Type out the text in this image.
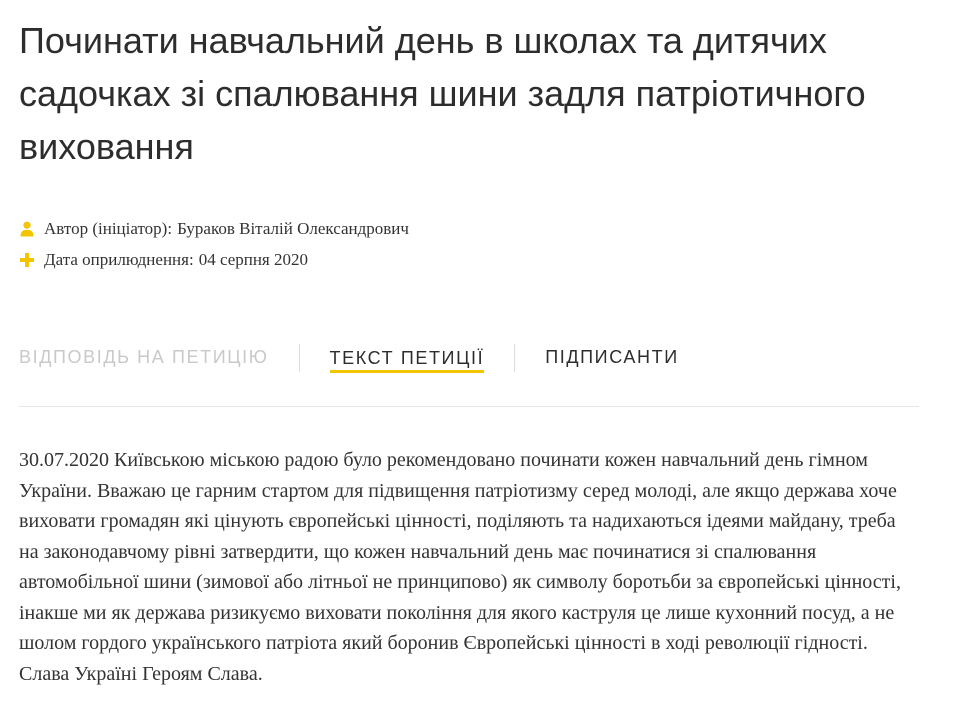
Починати навчальний день в школах та дитячих садочках зі спалювання шини задля патріотичного виховання
Автор (ініціатор): Бураков Віталій Олександрович
Дата оприлюднення: 04 серпня 2020
ВІДПОВІДЬ НА ПЕТИЦІЮ	ТЕКСТ ПЕТИЦІЇ	ПІДПИСАНТИ
30.07.2020 Київською міською радою було рекомендовано починати кожен навчальний день гімном України. Вважаю це гарним стартом для підвищення патріотизму серед молоді, але якщо держава хоче виховати громадян які цінують європейські цінності, поділяють та надихаються ідеями майдану, треба на законодавчому рівні затвердити, що кожен навчальний день має починатися зі спалювання автомобільної шини (зимової або літньої не принципово) як символу боротьби за європейські цінності, інакше ми як держава ризикуємо виховати покоління для якого каструля це лише кухонний посуд, а не шолом гордого українського патріота який боронив Європейські цінності в ході революції гідності. Слава Україні Героям Слава.
